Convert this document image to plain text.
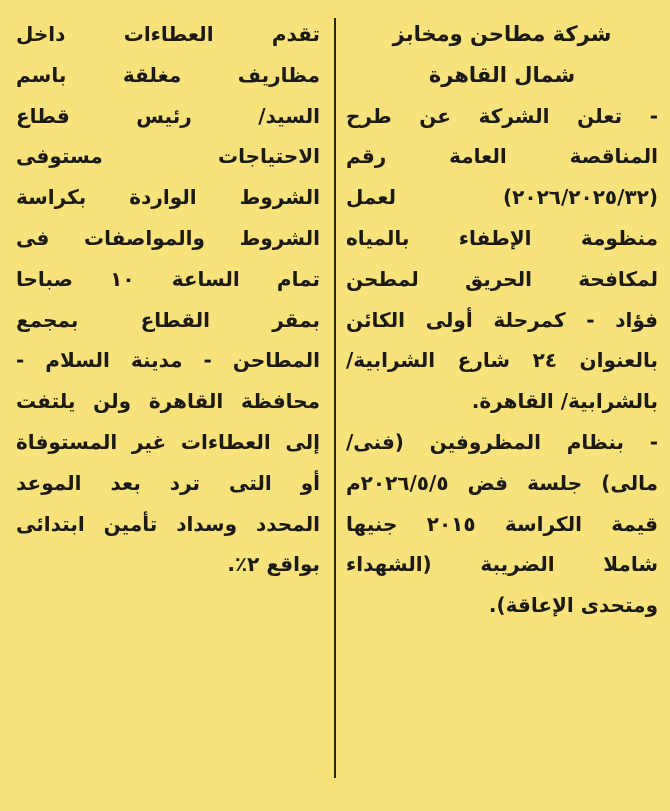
شركة مطاحن ومخابز
شمال القاهرة
- تعلن الشركة عن طرح
المناقصة العامة رقم
(٢٠٢٦/٢٠٢٥/٣٢) لعمل
منظومة الإطفاء بالمياه
لمكافحة الحريق لمطحن
فؤاد - كمرحلة أولى الكائن
بالعنوان ٢٤ شارع الشرابية/
بالشرابية/ القاهرة.
- بنظام المظروفين (فنى/
مالى) جلسة فض ٢٠٢٦/٥/٥م
قيمة الكراسة ٢٠١٥ جنيها
شاملا الضريبة (الشهداء
ومتحدى الإعاقة).
تقدم العطاءات داخل
مظاريف مغلقة باسم
السيد/ رئيس قطاع
الاحتياجات مستوفى
الشروط الواردة بكراسة
الشروط والمواصفات فى
تمام الساعة ١٠ صباحا
بمقر القطاع بمجمع
المطاحن - مدينة السلام -
محافظة القاهرة ولن يلتفت
إلى العطاءات غير المستوفاة
أو التى ترد بعد الموعد
المحدد وسداد تأمين ابتدائى
بواقع ٢٪.
